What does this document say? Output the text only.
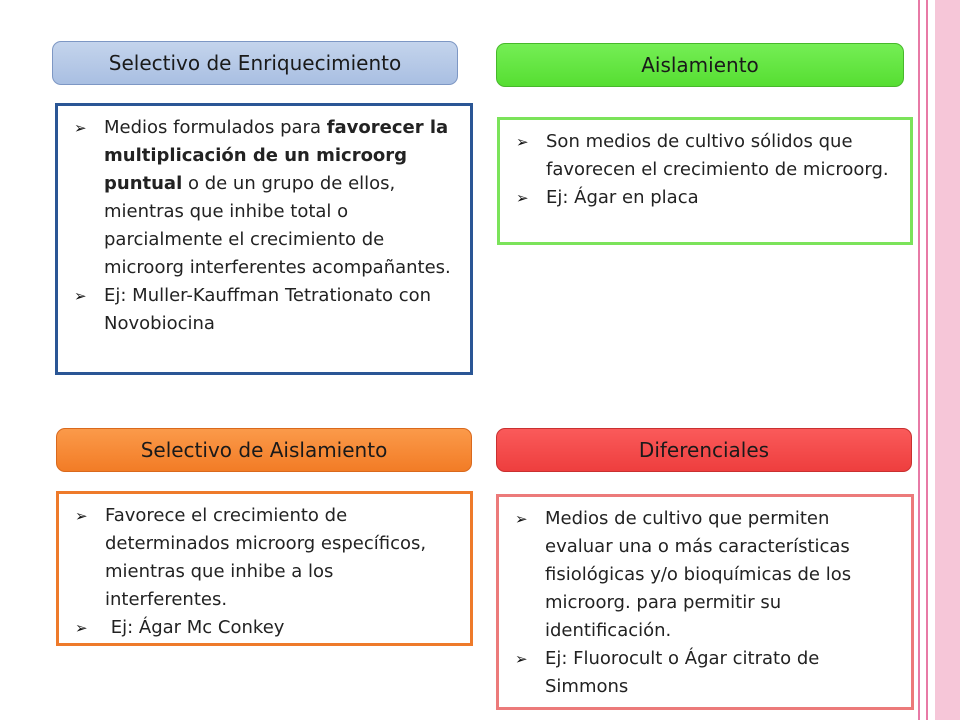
Selectivo de Enriquecimiento
➢ Medios formulados para favorecer la multiplicación de un microorg puntual o de un grupo de ellos, mientras que inhibe total o parcialmente el crecimiento de microorg interferentes acompañantes.
➢ Ej: Muller-Kauffman Tetrationato con Novobiocina
Aislamiento
➢ Son medios de cultivo sólidos que favorecen el crecimiento de microorg.
➢ Ej: Ágar en placa
Selectivo de Aislamiento
➢ Favorece el crecimiento de determinados microorg específicos, mientras que inhibe a los interferentes.
➢ Ej: Ágar Mc Conkey
Diferenciales
➢ Medios de cultivo que permiten evaluar una o más características fisiológicas y/o bioquímicas de los microorg. para permitir su identificación.
➢ Ej: Fluorocult o Ágar citrato de Simmons
